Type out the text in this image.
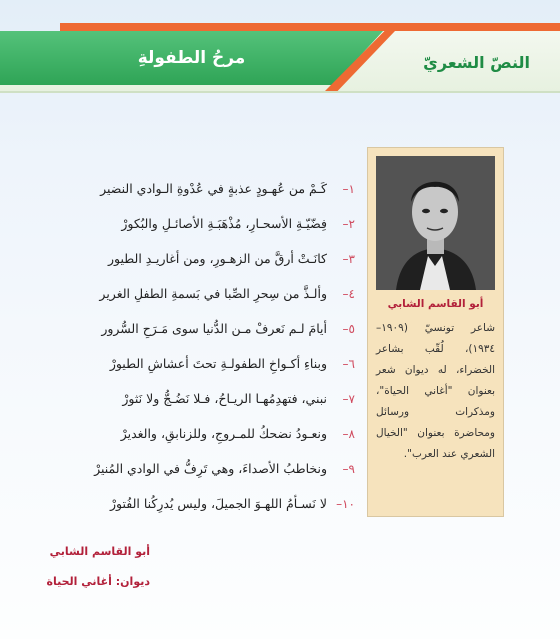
مرحُ الطفولةِ	النصّ الشعريّ
أبو القاسم الشابي
شاعر تونسيّ (١٩٠٩– ١٩٣٤)، لُقّب بشاعر الخضراء، له ديوان شعر بعنوان "أغاني الحياة"، ومذكرات ورسائل ومحاضرة بعنوان "الخيال الشعري عند العرب".
١–
كَـمْ من عُهـودٍ عذبةٍ في عُدْوةِ الـوادي النضير
٢–
فِضّيّـةِ الأسحـارِ، مُذْهَبَـةِ الأصائـلِ والبُكورْ
٣–
كانَـتْ أرقَّ من الزهـورِ، ومن أغاريـدِ الطيور
٤–
وألـذَّ من سِحرِ الصِّبا في بَسمةِ الطفلِ الغرير
٥–
أيامَ لـم نَعرفْ مـن الدُّنيا سوى مَـرَحِ السُّرور
٦–
وبناءِ أكـواخِ الطفولـةِ تحتَ أعشاشِ الطيورْ
٧–
نبني، فتهدِمُهـا الريـاحُ، فـلا نَضُـجُّ ولا نَثورْ
٨–
ونعـودُ نضحكُ للمـروجِ، وللزنابقِ، والغديرْ
٩–
ونخاطبُ الأصداءَ، وهي تَرِفُّ في الوادي المُنيرْ
١٠–
لا نَسـأمُ اللهـوَ الجميلَ، وليس يُدرِكُنا الفُتورْ
أبو القاسم الشابي
ديوان: أغاني الحياة
